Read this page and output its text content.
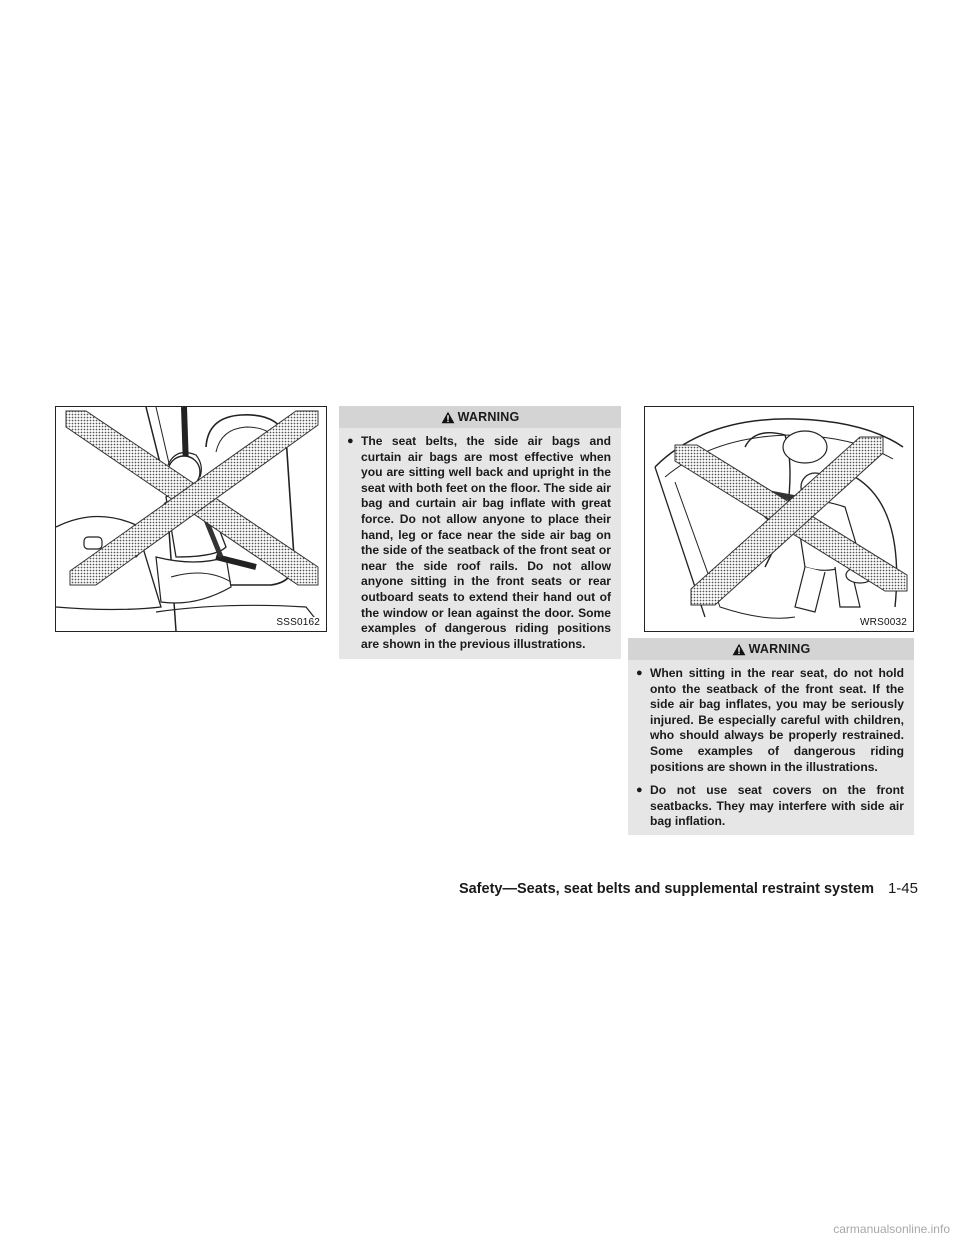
SSS0162
WARNING
● The seat belts, the side air bags and curtain air bags are most effective when you are sitting well back and upright in the seat with both feet on the floor. The side air bag and curtain air bag inflate with great force. Do not allow anyone to place their hand, leg or face near the side air bag on the side of the seatback of the front seat or near the side roof rails. Do not allow anyone sitting in the front seats or rear outboard seats to extend their hand out of the window or lean against the door. Some examples of dangerous riding positions are shown in the previous illustrations.
WRS0032
WARNING
● When sitting in the rear seat, do not hold onto the seatback of the front seat. If the side air bag inflates, you may be seriously injured. Be especially careful with children, who should always be properly restrained. Some examples of dangerous riding positions are shown in the illustrations.
● Do not use seat covers on the front seatbacks. They may interfere with side air bag inflation.
Safety—Seats, seat belts and supplemental restraint system 1-45
carmanualsonline.info
